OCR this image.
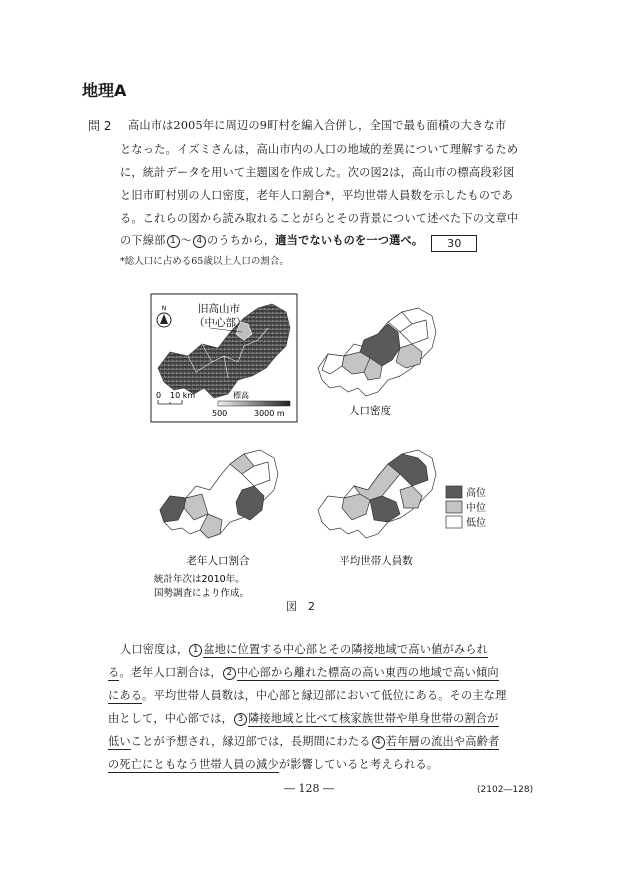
地理A
問 2 高山市は2005年に周辺の9町村を編入合併し，全国で最も面積の大きな市
となった。イズミさんは，高山市内の人口の地域的差異について理解するため
に，統計データを用いて主題図を作成した。次の図2は，高山市の標高段彩図
と旧市町村別の人口密度，老年人口割合*，平均世帯人員数を示したものであ
る。これらの図から読み取れることがらとその背景について述べた下の文章中
の下線部 1 ～ 4 のうちから，適当でないものを一つ選べ。 30
*総人口に占める65歳以上人口の割合。
N	旧高山市
（中心部）
0 10 km	標高
500	3000 m	人口密度
老年人口割合	平均世帯人員数
高位
中位
低位
統計年次は2010年。
国勢調査により作成。
図　2
人口密度は， 1 盆地に位置する中心部とその隣接地域で高い値がみられ
る。老年人口割合は， 2 中心部から離れた標高の高い東西の地域で高い傾向
にある。平均世帯人員数は，中心部と縁辺部において低位にある。その主な理
由として，中心部では， 3 隣接地域と比べて核家族世帯や単身世帯の割合が
低いことが予想され，縁辺部では，長期間にわたる 4 若年層の流出や高齢者
の死亡にともなう世帯人員の減少が影響していると考えられる。
― 128 ―	(2102―128)
